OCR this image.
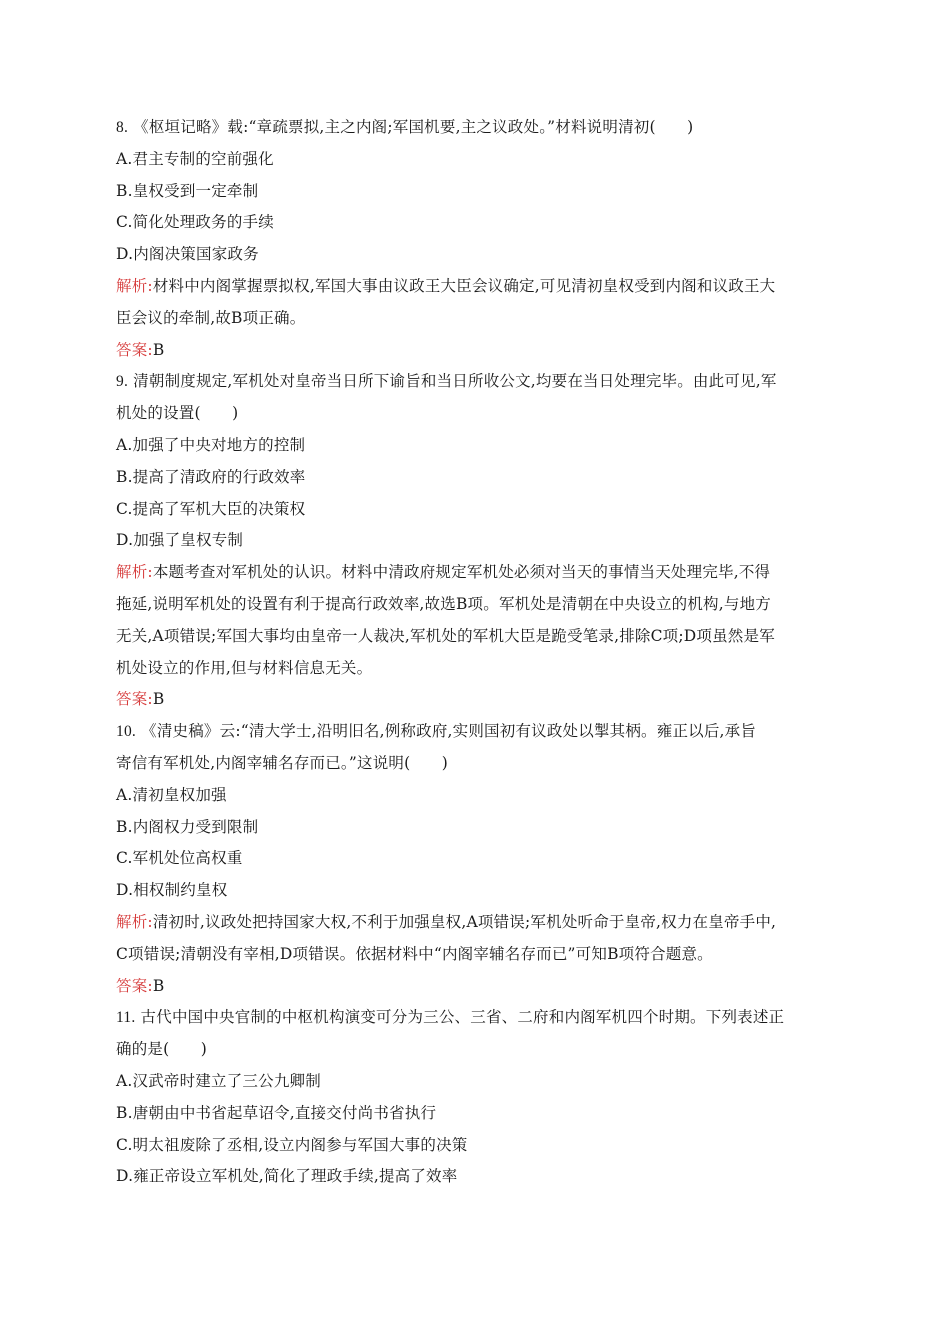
8. 《枢垣记略》载:“章疏票拟,主之内阁;军国机要,主之议政处。”材料说明清初(　　)
A.君主专制的空前强化
B.皇权受到一定牵制
C.简化处理政务的手续
D.内阁决策国家政务
解析:材料中内阁掌握票拟权,军国大事由议政王大臣会议确定,可见清初皇权受到内阁和议政王大
臣会议的牵制,故B项正确。
答案:B
9. 清朝制度规定,军机处对皇帝当日所下谕旨和当日所收公文,均要在当日处理完毕。由此可见,军
机处的设置(　　)
A.加强了中央对地方的控制
B.提高了清政府的行政效率
C.提高了军机大臣的决策权
D.加强了皇权专制
解析:本题考查对军机处的认识。材料中清政府规定军机处必须对当天的事情当天处理完毕,不得
拖延,说明军机处的设置有利于提高行政效率,故选B项。军机处是清朝在中央设立的机构,与地方
无关,A项错误;军国大事均由皇帝一人裁决,军机处的军机大臣是跪受笔录,排除C项;D项虽然是军
机处设立的作用,但与材料信息无关。
答案:B
10. 《清史稿》云:“清大学士,沿明旧名,例称政府,实则国初有议政处以掣其柄。雍正以后,承旨
寄信有军机处,内阁宰辅名存而已。”这说明(　　)
A.清初皇权加强
B.内阁权力受到限制
C.军机处位高权重
D.相权制约皇权
解析:清初时,议政处把持国家大权,不利于加强皇权,A项错误;军机处听命于皇帝,权力在皇帝手中,
C项错误;清朝没有宰相,D项错误。依据材料中“内阁宰辅名存而已”可知B项符合题意。
答案:B
11. 古代中国中央官制的中枢机构演变可分为三公、三省、二府和内阁军机四个时期。下列表述正
确的是(　　)
A.汉武帝时建立了三公九卿制
B.唐朝由中书省起草诏令,直接交付尚书省执行
C.明太祖废除了丞相,设立内阁参与军国大事的决策
D.雍正帝设立军机处,简化了理政手续,提高了效率
